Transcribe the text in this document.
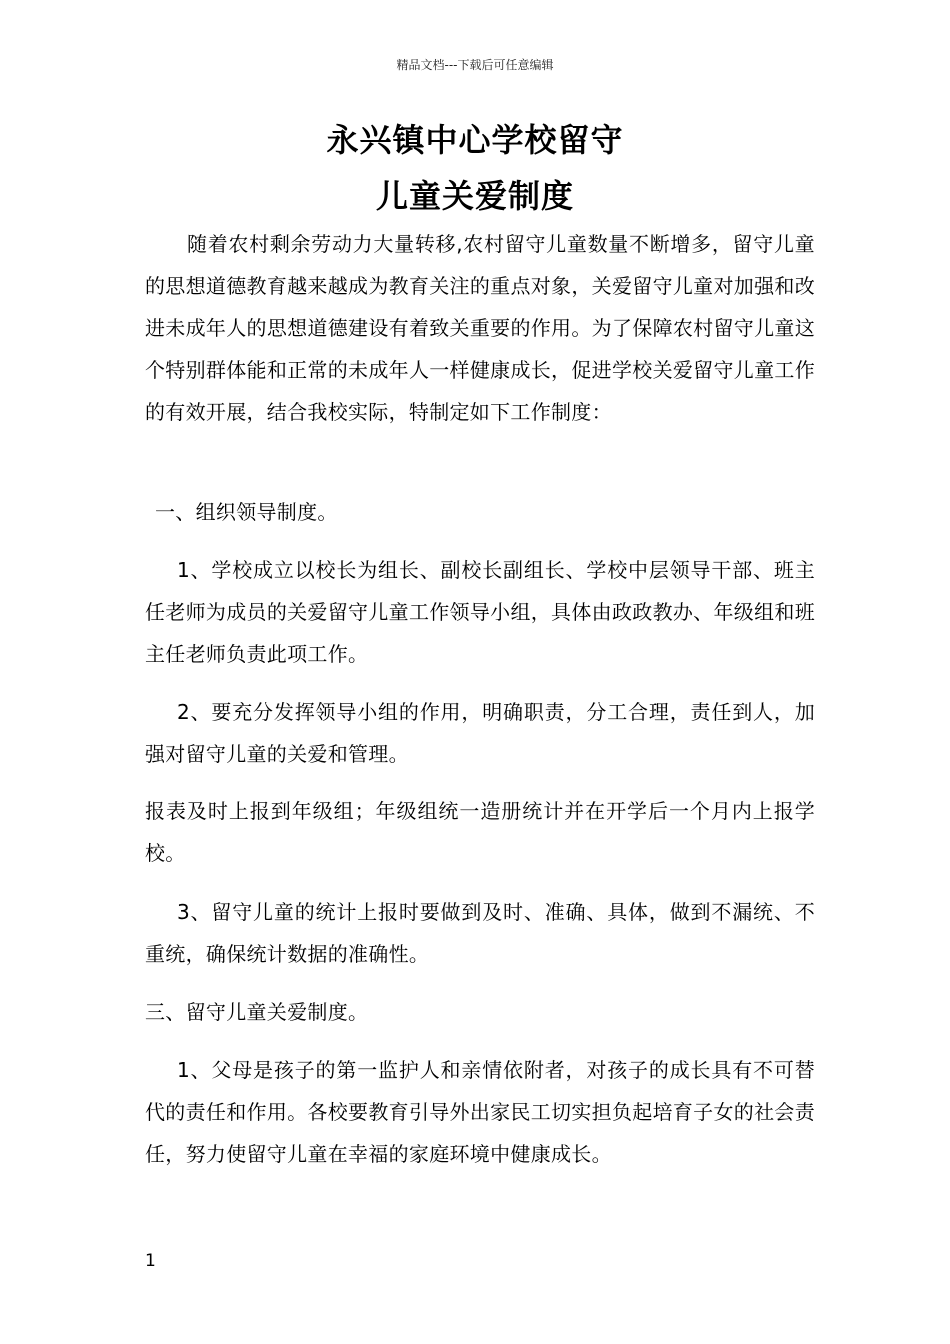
精品文档---下载后可任意编辑
永兴镇中心学校留守
儿童关爱制度
随着农村剩余劳动力大量转移,农村留守儿童数量不断增多，留守儿童的思想道德教育越来越成为教育关注的重点对象，关爱留守儿童对加强和改进未成年人的思想道德建设有着致关重要的作用。为了保障农村留守儿童这个特别群体能和正常的未成年人一样健康成长，促进学校关爱留守儿童工作的有效开展，结合我校实际，特制定如下工作制度：
一、组织领导制度。
1、学校成立以校长为组长、副校长副组长、学校中层领导干部、班主任老师为成员的关爱留守儿童工作领导小组，具体由政政教办、年级组和班主任老师负责此项工作。
2、要充分发挥领导小组的作用，明确职责，分工合理，责任到人，加强对留守儿童的关爱和管理。
报表及时上报到年级组；年级组统一造册统计并在开学后一个月内上报学校。
3、留守儿童的统计上报时要做到及时、准确、具体，做到不漏统、不重统，确保统计数据的准确性。
三、留守儿童关爱制度。
1、父母是孩子的第一监护人和亲情依附者，对孩子的成长具有不可替代的责任和作用。各校要教育引导外出家民工切实担负起培育子女的社会责任，努力使留守儿童在幸福的家庭环境中健康成长。
1
